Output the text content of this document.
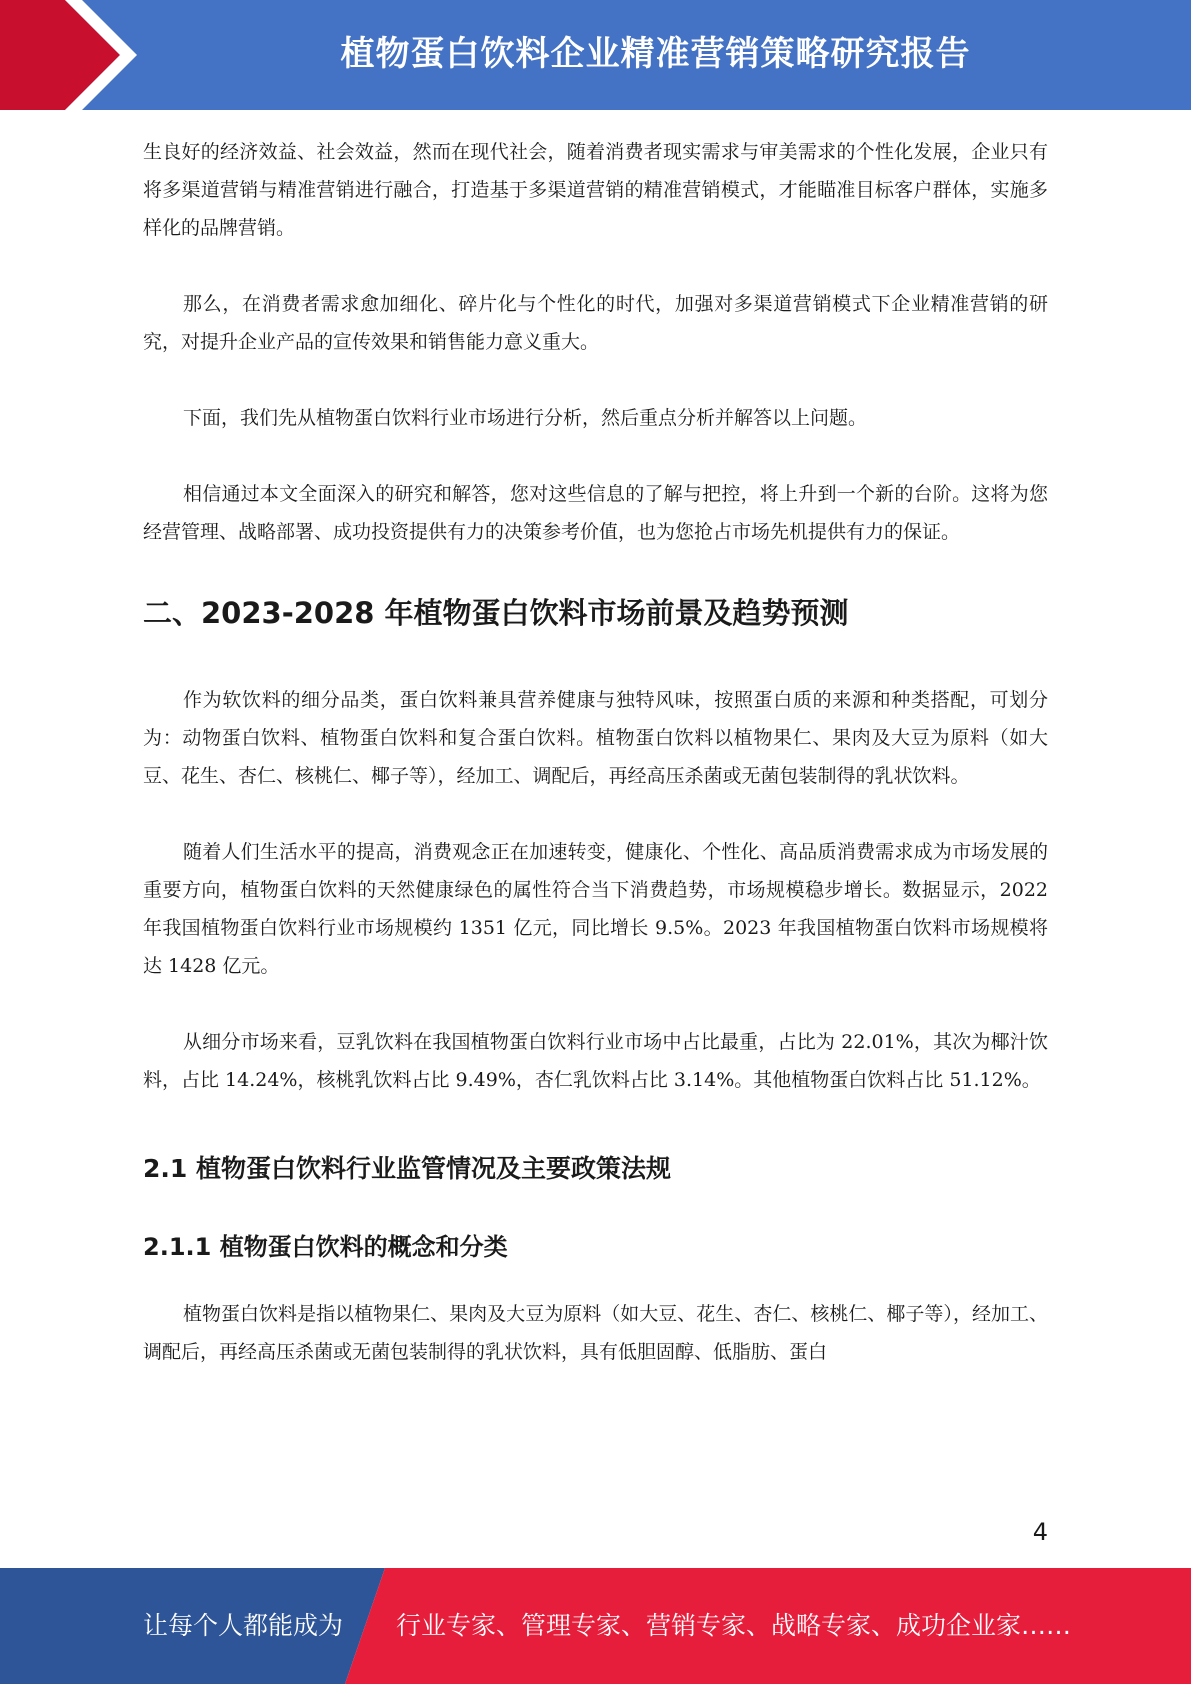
植物蛋白饮料企业精准营销策略研究报告

生良好的经济效益、社会效益，然而在现代社会，随着消费者现实需求与审美需求的个性化发展，企业只有将多渠道营销与精准营销进行融合，打造基于多渠道营销的精准营销模式，才能瞄准目标客户群体，实施多样化的品牌营销。

那么，在消费者需求愈加细化、碎片化与个性化的时代，加强对多渠道营销模式下企业精准营销的研究，对提升企业产品的宣传效果和销售能力意义重大。

下面，我们先从植物蛋白饮料行业市场进行分析，然后重点分析并解答以上问题。

相信通过本文全面深入的研究和解答，您对这些信息的了解与把控，将上升到一个新的台阶。这将为您经营管理、战略部署、成功投资提供有力的决策参考价值，也为您抢占市场先机提供有力的保证。

二、2023-2028 年植物蛋白饮料市场前景及趋势预测

作为软饮料的细分品类，蛋白饮料兼具营养健康与独特风味，按照蛋白质的来源和种类搭配，可划分为：动物蛋白饮料、植物蛋白饮料和复合蛋白饮料。植物蛋白饮料以植物果仁、果肉及大豆为原料（如大豆、花生、杏仁、核桃仁、椰子等），经加工、调配后，再经高压杀菌或无菌包装制得的乳状饮料。

随着人们生活水平的提高，消费观念正在加速转变，健康化、个性化、高品质消费需求成为市场发展的重要方向，植物蛋白饮料的天然健康绿色的属性符合当下消费趋势，市场规模稳步增长。数据显示，2022 年我国植物蛋白饮料行业市场规模约 1351 亿元，同比增长 9.5%。2023 年我国植物蛋白饮料市场规模将达 1428 亿元。

从细分市场来看，豆乳饮料在我国植物蛋白饮料行业市场中占比最重，占比为 22.01%，其次为椰汁饮料，占比 14.24%，核桃乳饮料占比 9.49%，杏仁乳饮料占比 3.14%。其他植物蛋白饮料占比 51.12%。

2.1 植物蛋白饮料行业监管情况及主要政策法规
2.1.1 植物蛋白饮料的概念和分类

植物蛋白饮料是指以植物果仁、果肉及大豆为原料（如大豆、花生、杏仁、核桃仁、椰子等），经加工、调配后，再经高压杀菌或无菌包装制得的乳状饮料，具有低胆固醇、低脂肪、蛋白

4
让每个人都能成为 行业专家、管理专家、营销专家、战略专家、成功企业家……
